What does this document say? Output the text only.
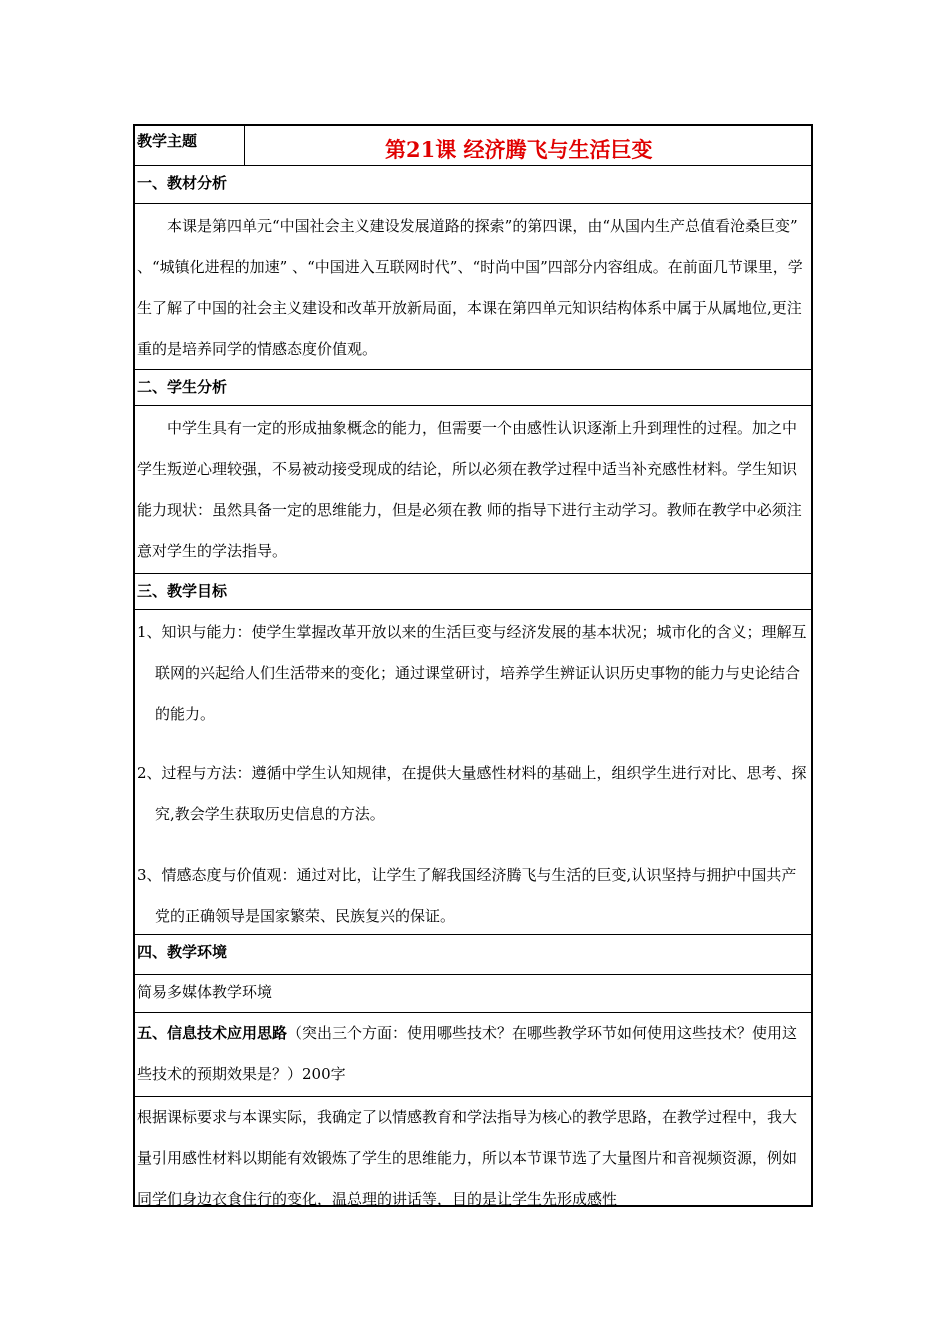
教学主题	第21课 经济腾飞与生活巨变
一、教材分析
本课是第四单元“中国社会主义建设发展道路的探索”的第四课，由“从国内生产总值看沧桑巨变” 、“城镇化进程的加速” 、“中国进入互联网时代”、“时尚中国”四部分内容组成。在前面几节课里，学生了解了中国的社会主义建设和改革开放新局面，本课在第四单元知识结构体系中属于从属地位,更注重的是培养同学的情感态度价值观。
二、学生分析
中学生具有一定的形成抽象概念的能力，但需要一个由感性认识逐渐上升到理性的过程。加之中学生叛逆心理较强，不易被动接受现成的结论，所以必须在教学过程中适当补充感性材料。学生知识能力现状：虽然具备一定的思维能力，但是必须在教 师的指导下进行主动学习。教师在教学中必须注意对学生的学法指导。
三、教学目标
1、知识与能力：使学生掌握改革开放以来的生活巨变与经济发展的基本状况；城市化的含义；理解互联网的兴起给人们生活带来的变化；通过课堂研讨，培养学生辨证认识历史事物的能力与史论结合的能力。
2、过程与方法：遵循中学生认知规律，在提供大量感性材料的基础上，组织学生进行对比、思考、探究,教会学生获取历史信息的方法。
3、情感态度与价值观：通过对比，让学生了解我国经济腾飞与生活的巨变,认识坚持与拥护中国共产党的正确领导是国家繁荣、民族复兴的保证。
四、教学环境
简易多媒体教学环境
五、信息技术应用思路（突出三个方面：使用哪些技术？在哪些教学环节如何使用这些技术？使用这些技术的预期效果是？）200字
根据课标要求与本课实际，我确定了以情感教育和学法指导为核心的教学思路，在教学过程中，我大量引用感性材料以期能有效锻炼了学生的思维能力，所以本节课节选了大量图片和音视频资源，例如同学们身边衣食住行的变化，温总理的讲话等，目的是让学生先形成感性
